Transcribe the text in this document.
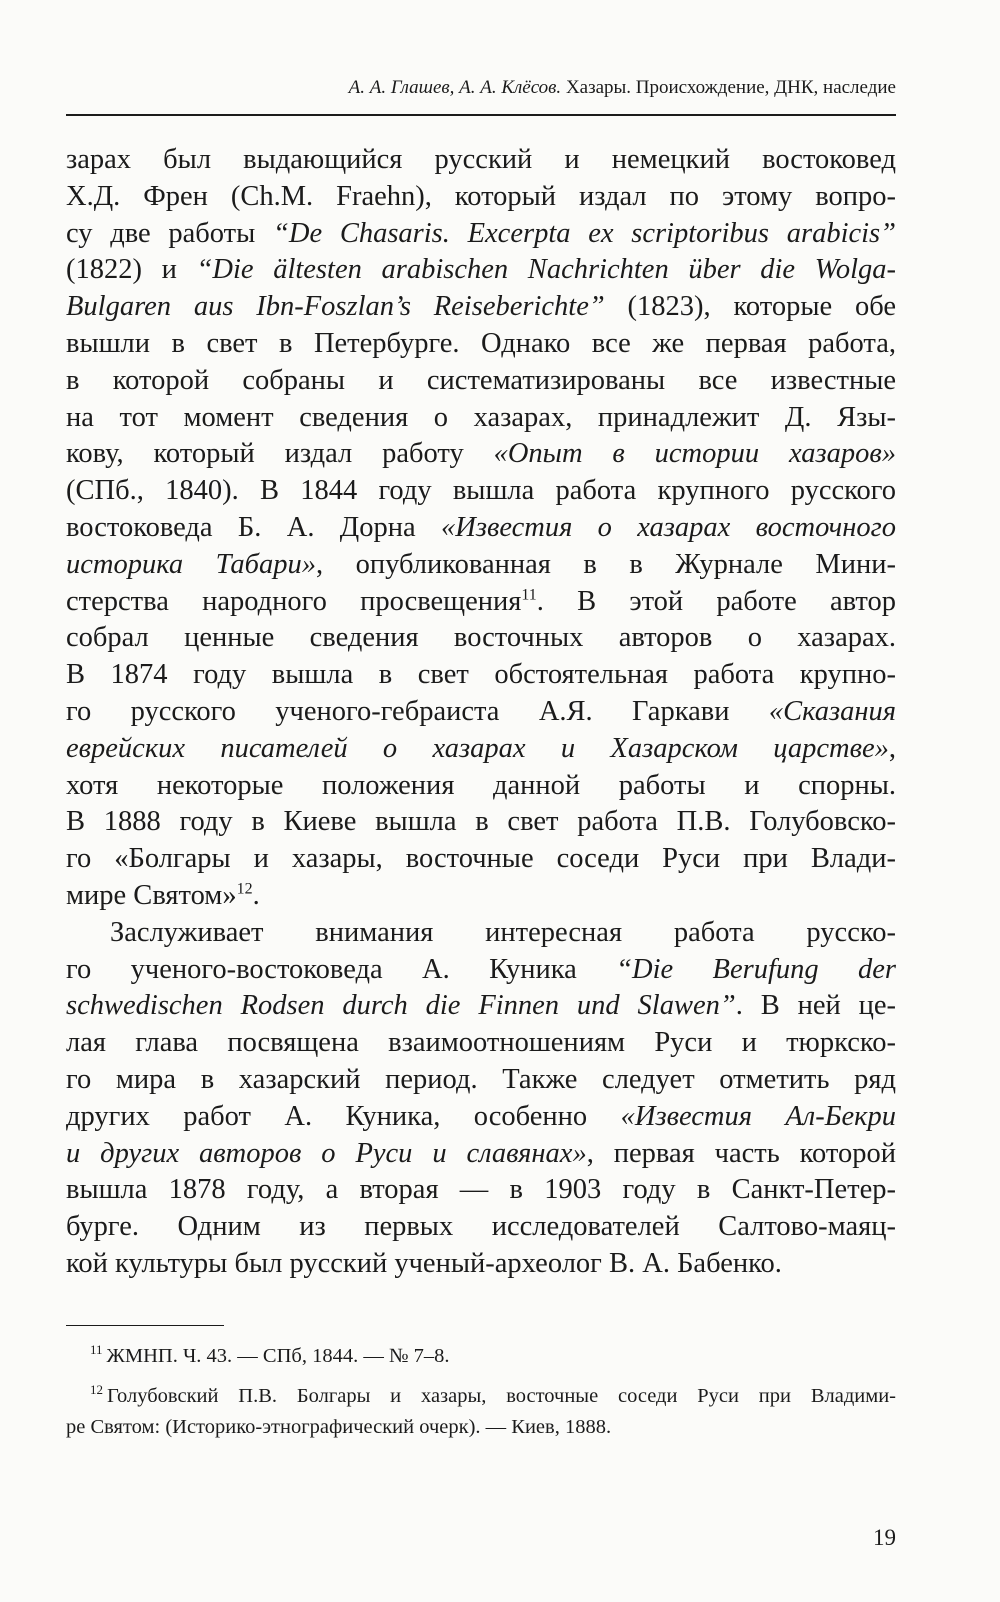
А. А. Глашев, А. А. Клёсов. Хазары. Происхождение, ДНК, наследие

зарах был выдающийся русский и немецкий востоковед
Х.Д. Френ (Ch.M. Fraehn), который издал по этому вопро-
су две работы “De Chasaris. Excerpta ex scriptoribus arabicis”
(1822) и “Die ältesten arabischen Nachrichten über die Wolga-
Bulgaren aus Ibn-Foszlan’s Reiseberichte” (1823), которые обе
вышли в свет в Петербурге. Однако все же первая работа,
в которой собраны и систематизированы все известные
на тот момент сведения о хазарах, принадлежит Д. Язы-
кову, который издал работу «Опыт в истории хазаров»
(СПб., 1840). В 1844 году вышла работа крупного русского
востоковеда Б. А. Дорна «Известия о хазарах восточного
историка Табари», опубликованная в в Журнале Мини-
стерства народного просвещения$^{11}$. В этой работе автор
собрал ценные сведения восточных авторов о хазарах.
В 1874 году вышла в свет обстоятельная работа крупно-
го русского ученого-гебраиста А.Я. Гаркави «Сказания
еврейских писателей о хазарах и Хазарском царстве»,
хотя некоторые положения данной работы и спорны.
В 1888 году в Киеве вышла в свет работа П.В. Голубовско-
го «Болгары и хазары, восточные соседи Руси при Влади-
мире Святом»$^{12}$.

Заслуживает внимания интересная работа русско-
го ученого-востоковеда А. Куника “Die Berufung der
schwedischen Rodsen durch die Finnen und Slawen”. В ней це-
лая глава посвящена взаимоотношениям Руси и тюркско-
го мира в хазарский период. Также следует отметить ряд
других работ А. Куника, особенно «Известия Ал-Бекри
и других авторов о Руси и славянах», первая часть которой
вышла 1878 году, а вторая — в 1903 году в Санкт-Петер-
бурге. Одним из первых исследователей Салтово-маяц-
кой культуры был русский ученый-археолог В. А. Бабенко.

$^{11}$ ЖМНП. Ч. 43. — СПб, 1844. — № 7–8.
$^{12}$ Голубовский П.В. Болгары и хазары, восточные соседи Руси при Владими-
ре Святом: (Историко-этнографический очерк). — Киев, 1888.
19
